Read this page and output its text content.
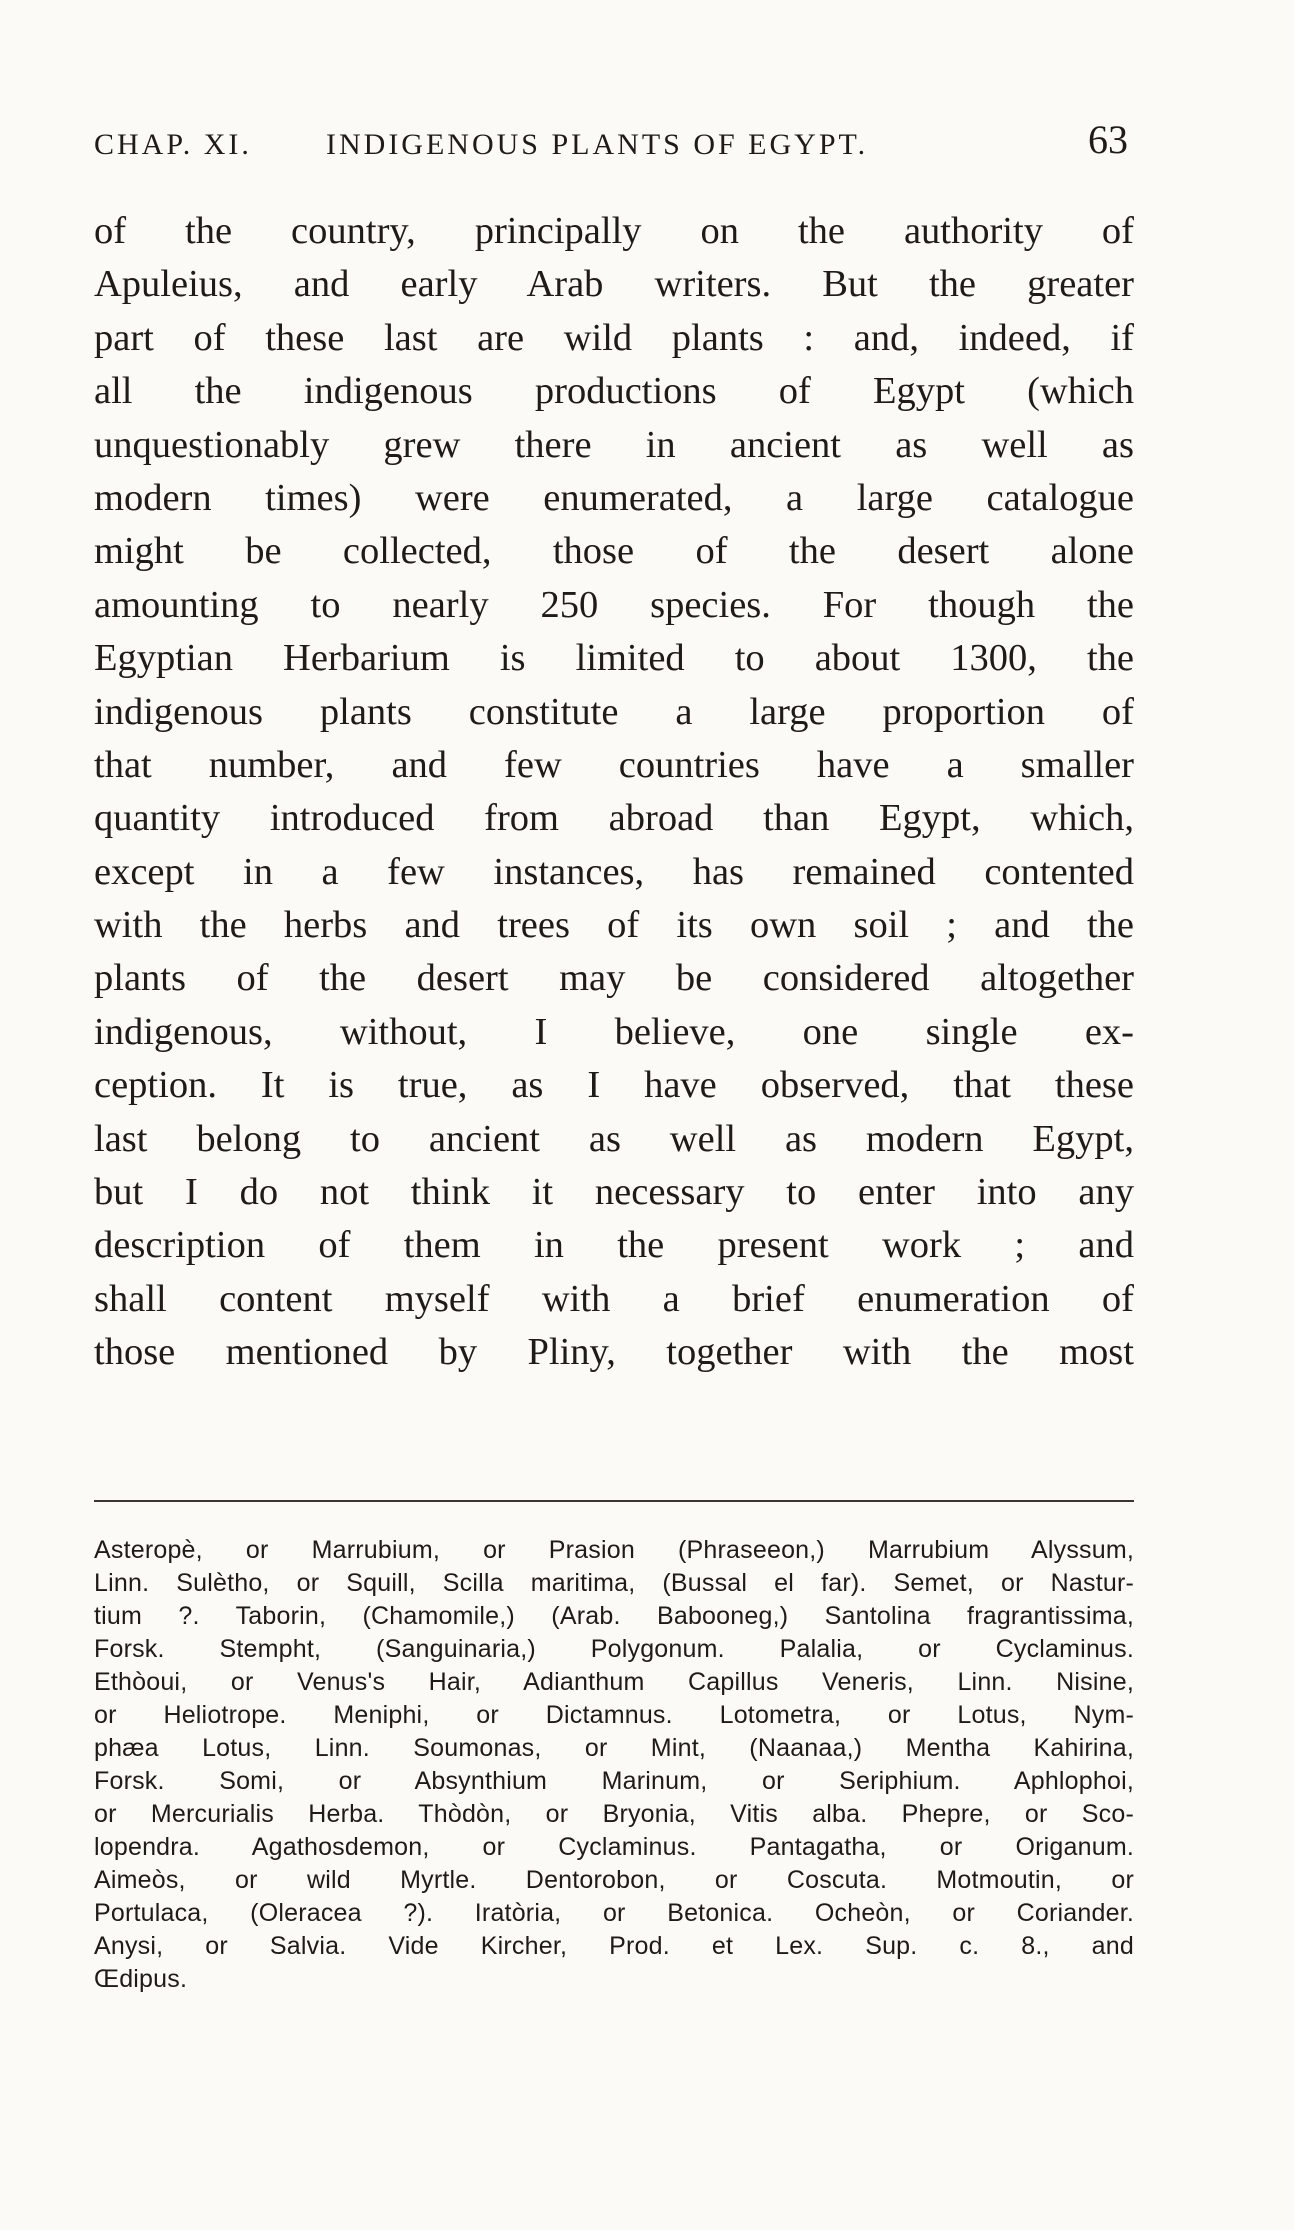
CHAP. XI. INDIGENOUS PLANTS OF EGYPT.	63
of the country, principally on the authority of
Apuleius, and early Arab writers. But the greater
part of these last are wild plants : and, indeed, if
all the indigenous productions of Egypt (which
unquestionably grew there in ancient as well as
modern times) were enumerated, a large catalogue
might be collected, those of the desert alone
amounting to nearly 250 species. For though the
Egyptian Herbarium is limited to about 1300, the
indigenous plants constitute a large proportion of
that number, and few countries have a smaller
quantity introduced from abroad than Egypt, which,
except in a few instances, has remained contented
with the herbs and trees of its own soil ; and the
plants of the desert may be considered altogether
indigenous, without, I believe, one single ex-
ception. It is true, as I have observed, that these
last belong to ancient as well as modern Egypt,
but I do not think it necessary to enter into any
description of them in the present work ; and
shall content myself with a brief enumeration of
those mentioned by Pliny, together with the most
Asteropè, or Marrubium, or Prasion (Phraseeon,) Marrubium Alyssum,
Linn. Sulètho, or Squill, Scilla maritima, (Bussal el far). Semet, or Nastur-
tium ?. Taborin, (Chamomile,) (Arab. Babooneg,) Santolina fragrantissima,
Forsk. Stempht, (Sanguinaria,) Polygonum. Palalia, or Cyclaminus.
Ethòoui, or Venus's Hair, Adianthum Capillus Veneris, Linn. Nisine,
or Heliotrope. Meniphi, or Dictamnus. Lotometra, or Lotus, Nym-
phæa Lotus, Linn. Soumonas, or Mint, (Naanaa,) Mentha Kahirina,
Forsk. Somi, or Absynthium Marinum, or Seriphium. Aphlophoi,
or Mercurialis Herba. Thòdòn, or Bryonia, Vitis alba. Phepre, or Sco-
lopendra. Agathosdemon, or Cyclaminus. Pantagatha, or Origanum.
Aimeòs, or wild Myrtle. Dentorobon, or Coscuta. Motmoutin, or
Portulaca, (Oleracea ?). Iratòria, or Betonica. Ocheòn, or Coriander.
Anysi, or Salvia. Vide Kircher, Prod. et Lex. Sup. c. 8., and
Œdipus.
